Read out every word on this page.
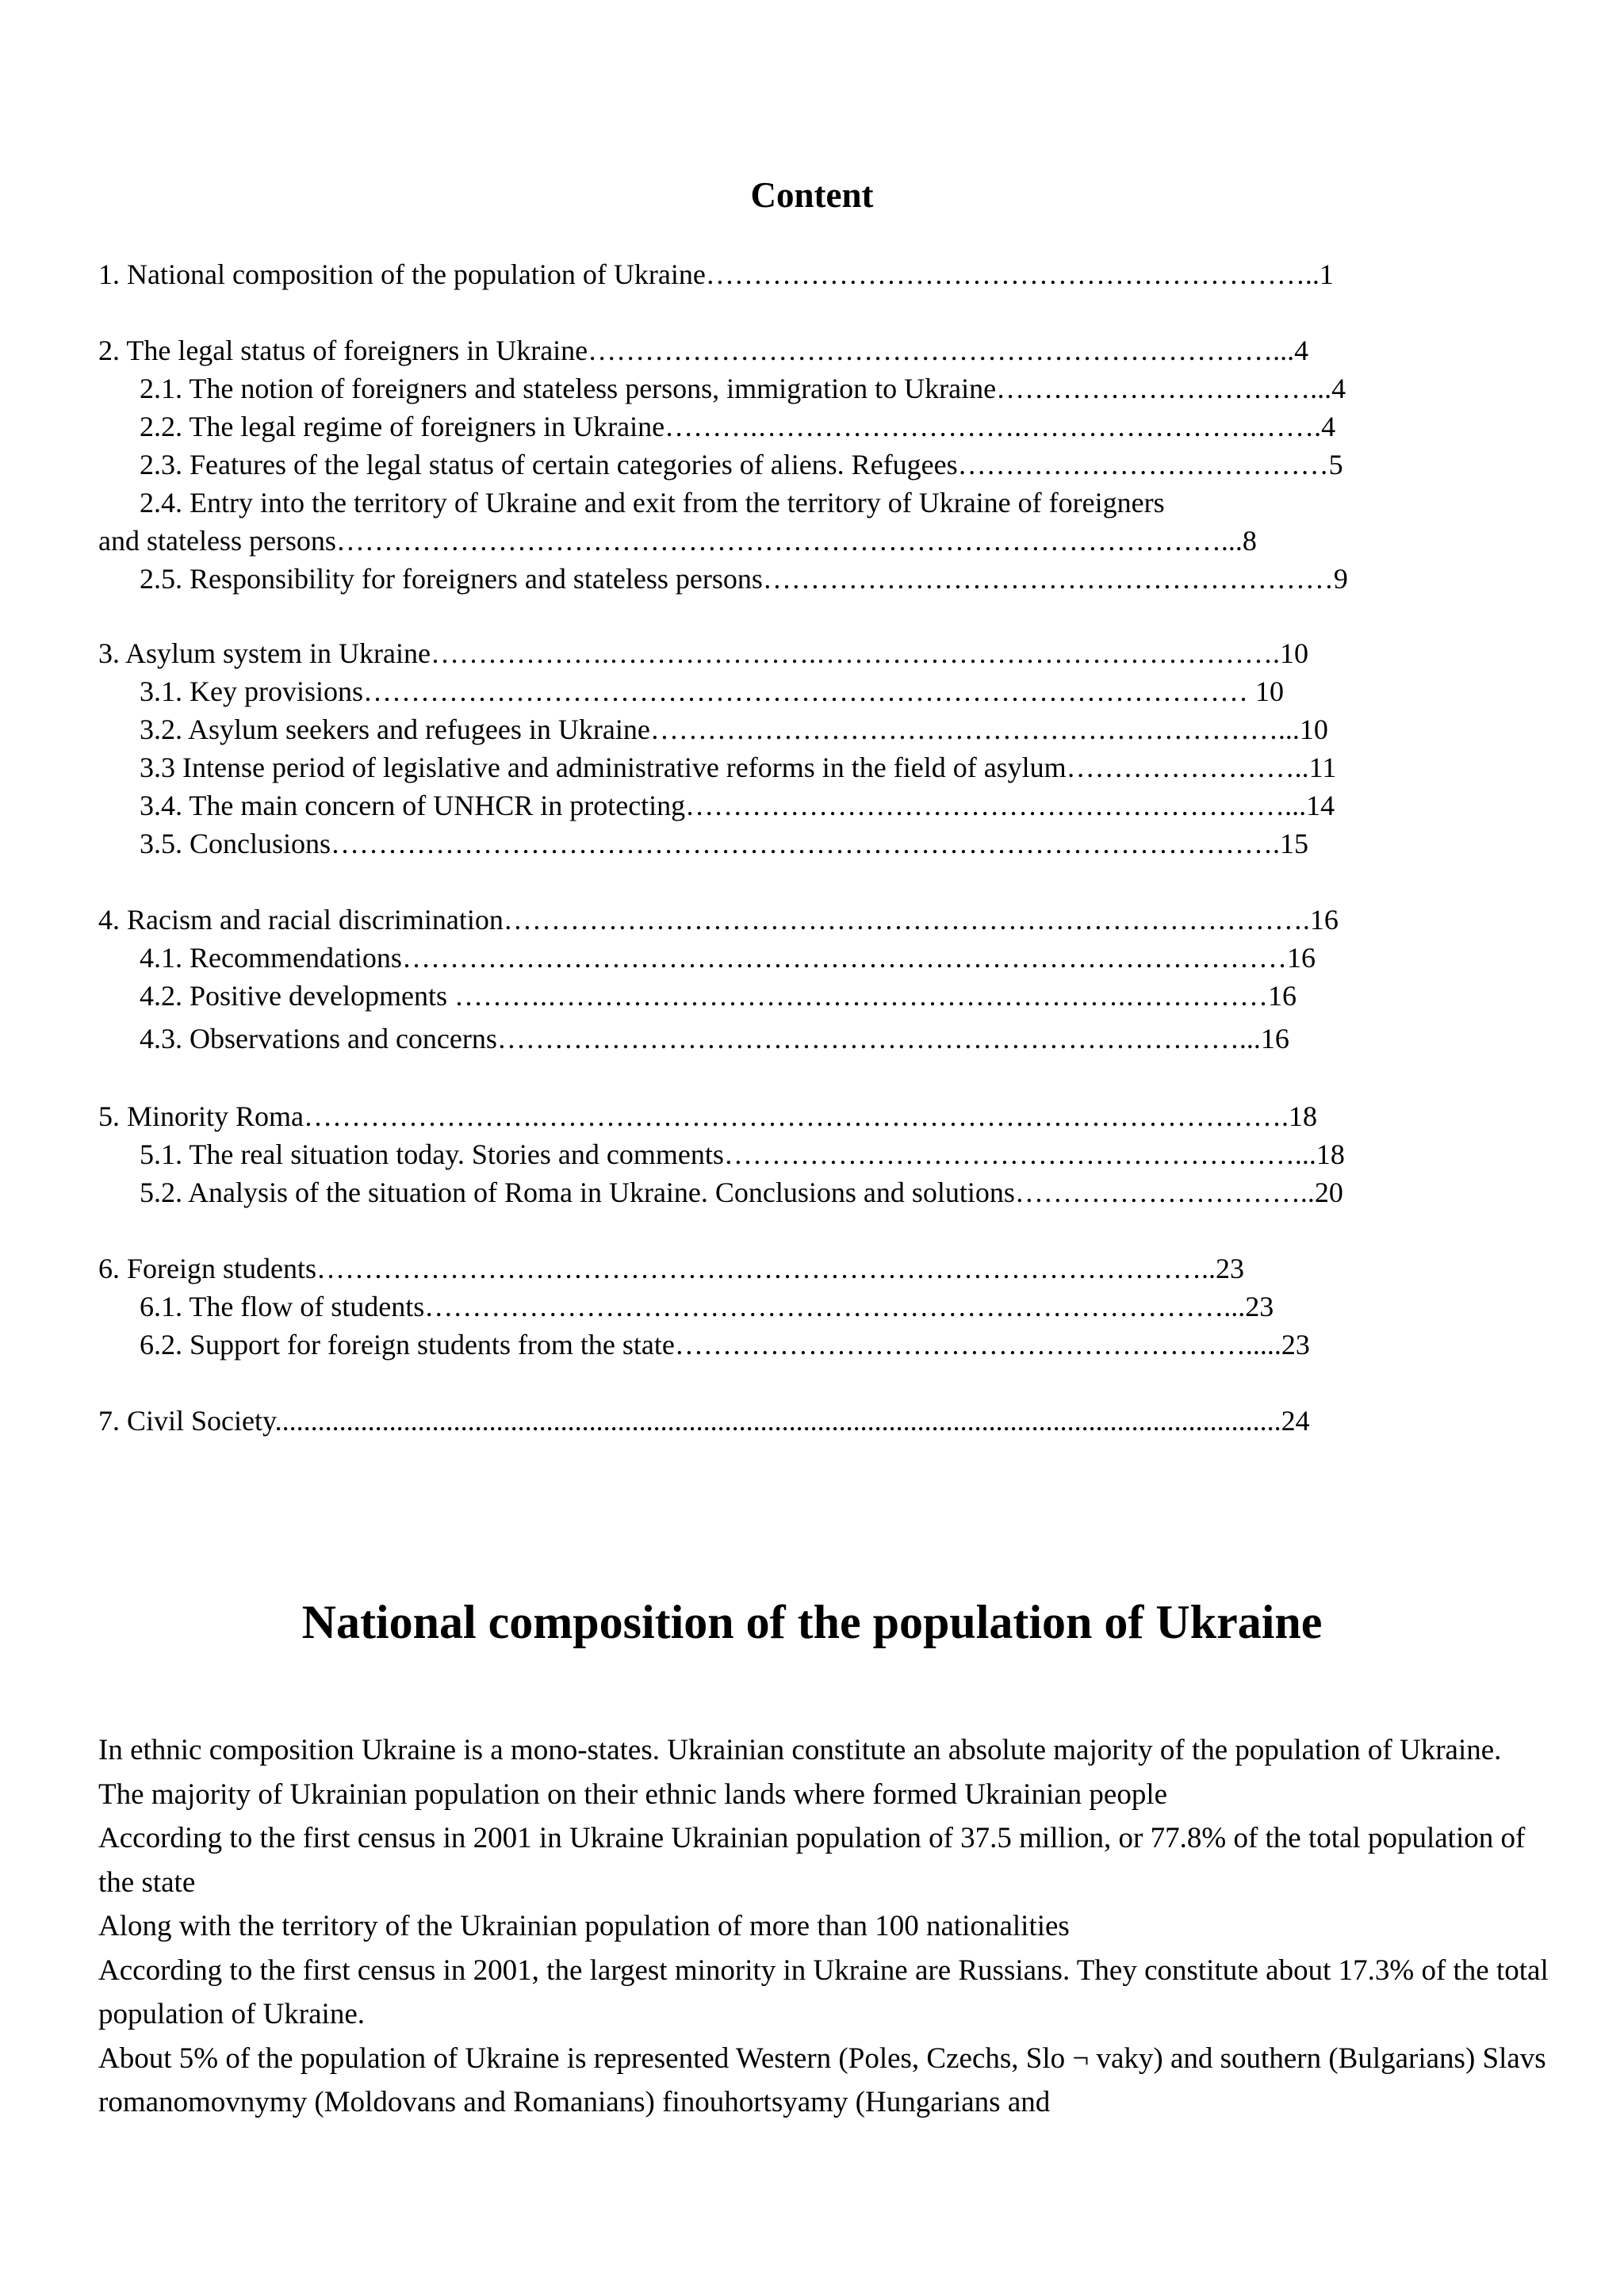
Content
1. National composition of the population of Ukraine………………………………………………………..1
2. The legal status of foreigners in Ukraine………………………………………………………………...4
2.1. The notion of foreigners and stateless persons, immigration to Ukraine……………………………...4
2.2. The legal regime of foreigners in Ukraine……….……………………….…………………….…….4
2.3. Features of the legal status of certain categories of aliens. Refugees…………………………………5
2.4. Entry into the territory of Ukraine and exit from the territory of Ukraine of foreigners
and stateless persons…………………………………………………………………………………...8
2.5. Responsibility for foreigners and stateless persons……………………………………………………9
3. Asylum system in Ukraine……………….………………….………………………………………….10
3.1. Key provisions………………………………………………………………………………… 10
3.2. Asylum seekers and refugees in Ukraine…………………………………………………………...10
3.3 Intense period of legislative and administrative reforms in the field of asylum……………………..11
3.4. The main concern of UNHCR in protecting………………………………………………………...14
3.5. Conclusions……………………………………………………………………………………….15
4. Racism and racial discrimination………………………………………………………………………….16
4.1. Recommendations…………………………………………………………………………………16
4.2. Positive developments ……….…………………………………………………….……………16
4.3. Observations and concerns……………………………………………………………………...16
5. Minority Roma…………………….…………………………………………………………………….18
5.1. The real situation today. Stories and comments……………………………………………………...18
5.2. Analysis of the situation of Roma in Ukraine. Conclusions and solutions…………………………..20
6. Foreign students…………………………………………………………………………………..23
6.1. The flow of students…………………………………………………………………………...23
6.2. Support for foreign students from the state…………………………………………………….....23
7. Civil Society.............................................................................................................................................24
National composition of the population of Ukraine

In ethnic composition Ukraine is a mono-states. Ukrainian constitute an absolute majority of the population of Ukraine. The majority of Ukrainian population on their ethnic lands where formed Ukrainian people

According to the first census in 2001 in Ukraine Ukrainian population of 37.5 million, or 77.8% of the total population of the state

Along with the territory of the Ukrainian population of more than 100 nationalities

According to the first census in 2001, the largest minority in Ukraine are Russians. They constitute about 17.3% of the total population of Ukraine.

About 5% of the population of Ukraine is represented Western (Poles, Czechs, Slo ¬ vaky) and southern (Bulgarians) Slavs romanomovnymy (Moldovans and Romanians) finouhortsyamy (Hungarians and
